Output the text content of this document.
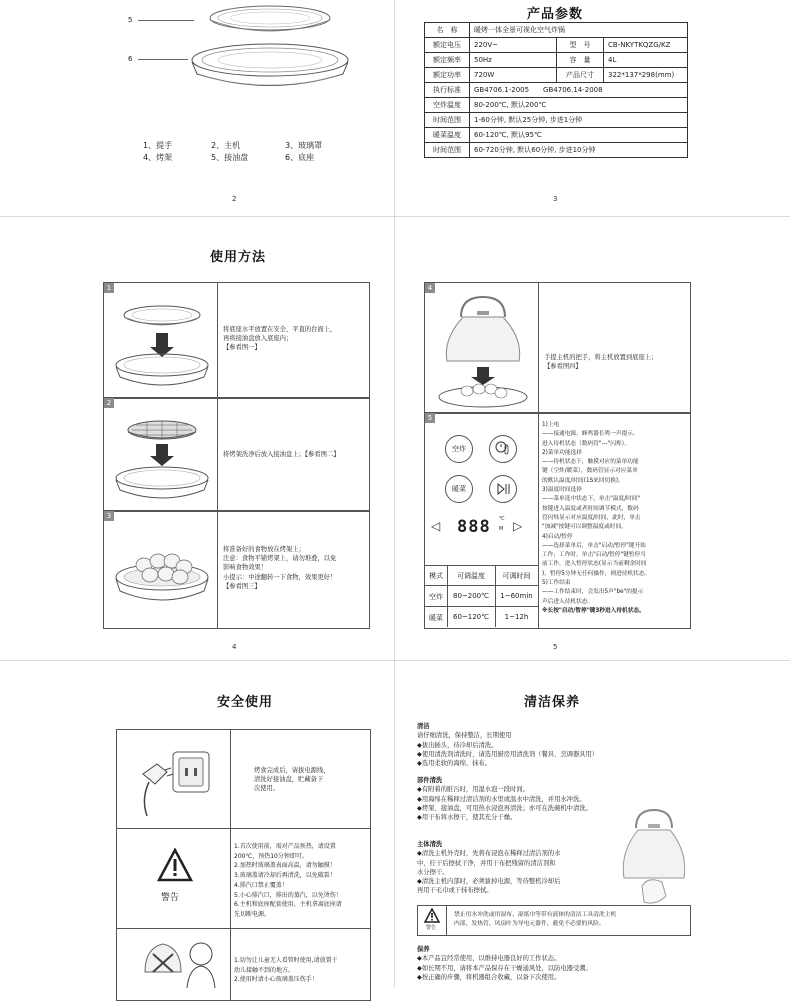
5
6
1、提手	2、主机	3、玻璃罩
4、烤架	5、接油盘	6、底座
2
产品参数
名　称	暖烤一体全景可视化空气炸锅		
额定电压	220V~	型　号	CB-NKYTKQZG/KZ
额定频率	50Hz	容　量	4L
额定功率	720W	产品尺寸	322*137*298(mm)
执行标准	GB4706.1-2005　　GB4706.14-2008		
空炸温度	80-200℃, 默认200℃		
时间范围	1-60分钟, 默认25分钟, 步进1分钟		
暖菜温度	60-120℃, 默认95℃		
时间范围	60-720分钟, 默认60分钟, 步进10分钟		
3
使用方法
1
将底座水平放置在安全、平直的台面上，
再将接油盘放入底座内；
【参看图一】
2
将烤架洗净后放入接油盘上；【参看图二】
3
将准备好的食物放在烤架上；
注意：食物平铺烤架上，请勿堆叠，以免
影响食物效果！
小提示：中途翻转一下食物，效果更好！
【参看图三】
4
4
手提主机的把手，将主机放置到底座上；
【参看图四】
5
空炸
暖菜
◁ 888 ℃
M ▷
模式	可调温度	可调时间
空炸	80~200℃	1~60min
暖菜	60~120℃	1~12h
1)上电
——接通电源，蜂鸣器长鸣一声提示，
进入待机状态（数码管"---"闪烁）。
2)菜单功能选择
——待机状态下，触摸对应的菜单功能
键（空炸/暖菜），数码管显示对应菜单
的默认温度/时间(1S来回切换)。
3)温度时间选择
——菜单选中状态下，单击"温度/时间"
按键进入温度或者时间调节模式，数码
管闪烁显示对应温度/时间，此时，单击
"加减"按键可以调整温度或时间。
4)启动/暂停
——选择菜单后，单击"启动/暂停"键开始
工作；工作时，单击"启动/暂停"键暂停当
前工作，进入暂停状态(显示当前剩余时间
)，暂停5分钟无任何操作，则进待机状态。
5)工作结束
——工作结束时，会发出5声"be"的提示
声后进入待机状态。
※长按"启动/暂停"键3秒进入待机状态。
5
安全使用
烤食完成后，请拔电源线，
清洗好接油盘，贮藏备下
次使用。
警告
1.首次使用前，需对产品预热，请设置
200℃，预热10分钟即可。
2.加热时玻璃盖表面高温，请勿触摸！
3.玻璃盖请冷却后再清洗，以免破裂！
4.排汽口禁止覆盖！
5.小心排汽口，排出的蒸汽，以免烫伤！
6.主机和底座配套使用，主机拿离底座请
先切断电源。
1.切勿让儿童无人看管时使用,请放置于
幼儿接触不到的地方。
2.使用时请小心玻璃盖压伤手！
清洁保养
清洁
请仔细清洗，保持整洁，长期使用
◆拔出插头、待冷却后清洗。
◆使用清洗剂清洗时，请选用厨房用清洗剂（餐具、烹调器具用）
◆选用柔软的海绵、抹布。
部件清洗
◆有附着的脏污时，用湿水泡一段时间。
◆用海绵在稀释过清洁剂的水里或温水中清洗，并用水冲洗。
◆烤架、接油盘，可用热水浸泡再清洗；亦可在洗碗机中清洗。
◆用干布将水擦干，使其充分干燥。
主体清洗
◆清洗主机外壳时，先将布浸泡在稀释过清洁剂的水
中，拧干后擦拭干净，并用干布把残留的清洁剂和
水分擦干。
◆清洗主机内部时，必须拔掉电源，等待整机冷却后
再用干毛巾或干抹布擦拭。
警告
禁止用水冲洗或用湿布、湿纸巾等带有液体的清洁工具清洗主机
内部，发热管、风扇叶为导电元器件，避免不必要的风险。
保养
◆本产品宜经常使用，以维持电器良好的工作状态。
◆如长期不用，请将本产品保存在干燥通风处，以防电器受潮。
◆按正确的步骤，将机器组合收藏，以备下次使用。
